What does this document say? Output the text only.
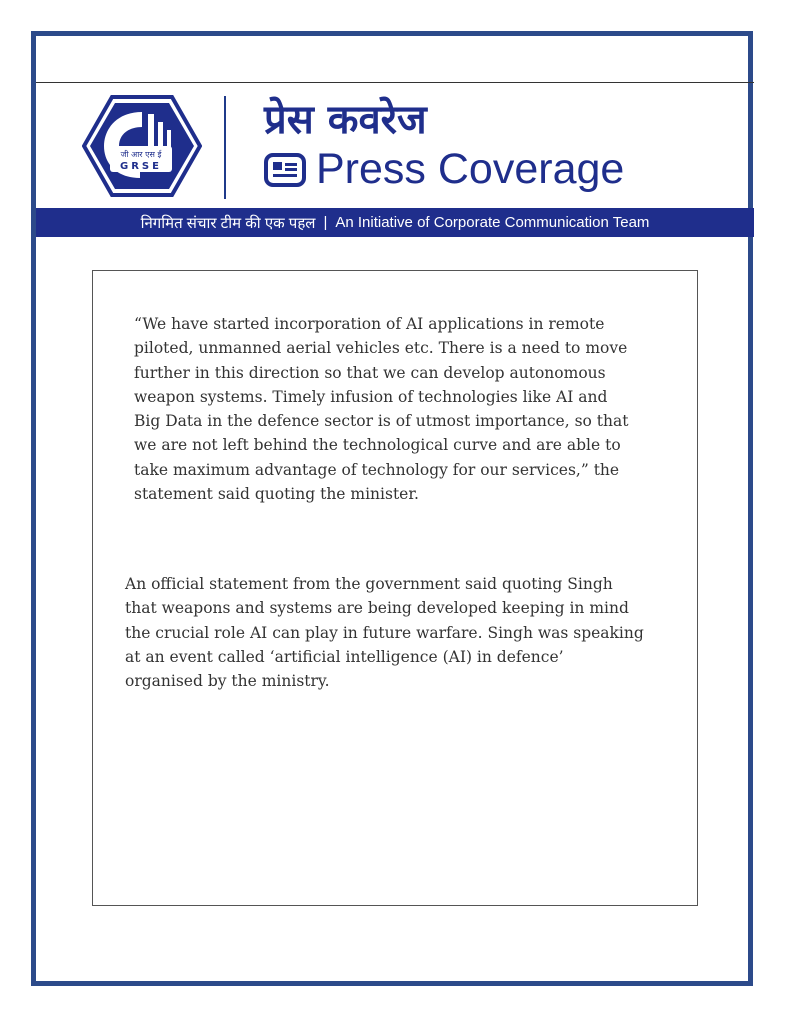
जी आर एस ई
GRSE
प्रेस कवरेज
Press Coverage
निगमित संचार टीम की एक पहल | An Initiative of Corporate Communication Team

“We have started incorporation of AI applications in remote piloted, unmanned aerial vehicles etc. There is a need to move further in this direction so that we can develop autonomous weapon systems. Timely infusion of technologies like AI and Big Data in the defence sector is of utmost importance, so that we are not left behind the technological curve and are able to take maximum advantage of technology for our services,” the statement said quoting the minister.

An official statement from the government said quoting Singh that weapons and systems are being developed keeping in mind the crucial role AI can play in future warfare. Singh was speaking at an event called ‘artificial intelligence (AI) in defence’ organised by the ministry.
